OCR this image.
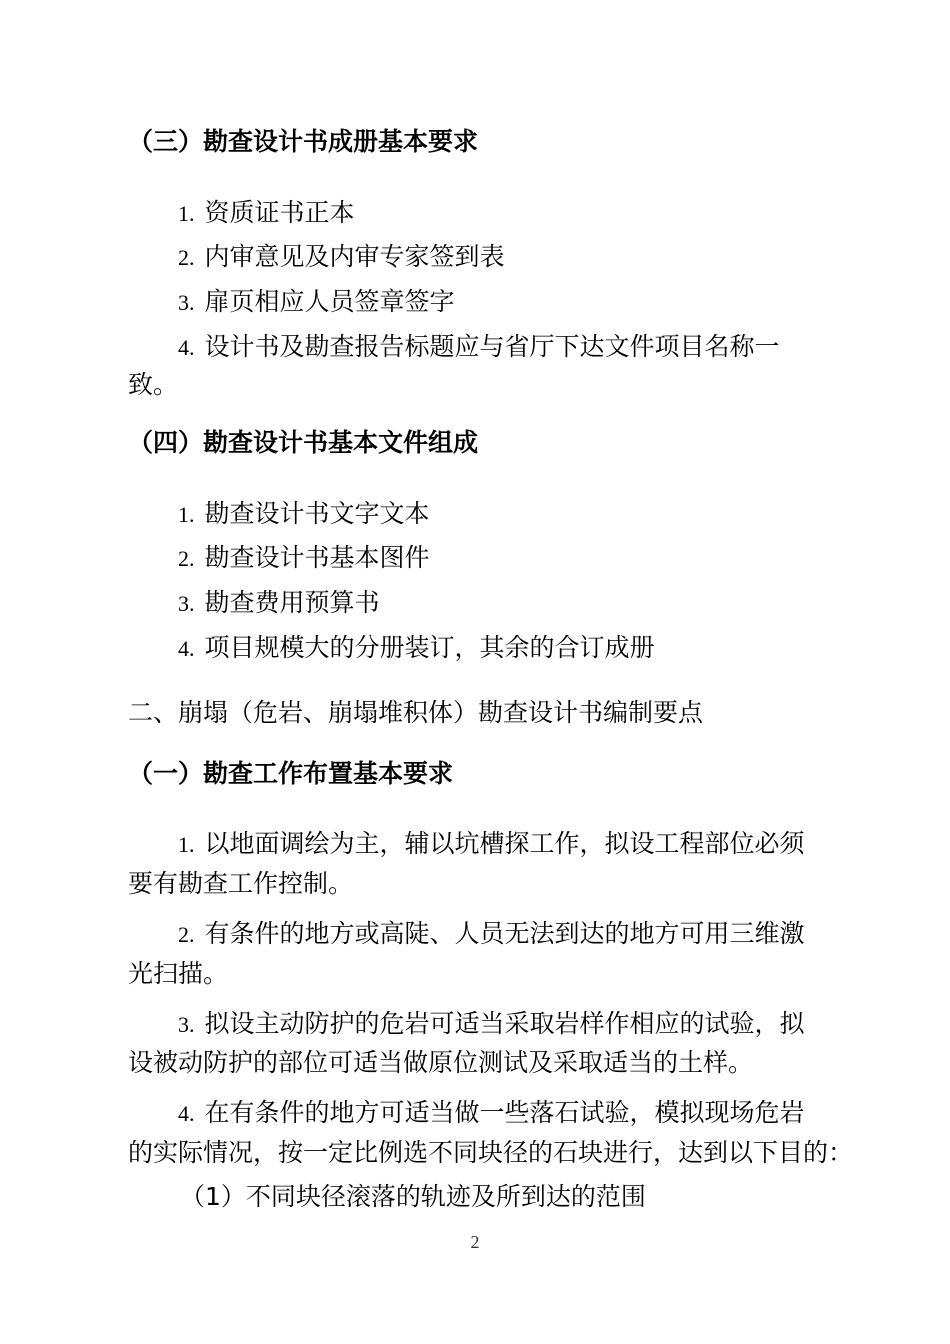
（三）勘查设计书成册基本要求
1. 资质证书正本
2. 内审意见及内审专家签到表
3. 扉页相应人员签章签字
4. 设计书及勘查报告标题应与省厅下达文件项目名称一
致。
（四）勘查设计书基本文件组成
1. 勘查设计书文字文本
2. 勘查设计书基本图件
3. 勘查费用预算书
4. 项目规模大的分册装订，其余的合订成册
二、崩塌（危岩、崩塌堆积体）勘查设计书编制要点
（一）勘查工作布置基本要求
1. 以地面调绘为主，辅以坑槽探工作，拟设工程部位必须
要有勘查工作控制。
2. 有条件的地方或高陡、人员无法到达的地方可用三维激
光扫描。
3. 拟设主动防护的危岩可适当采取岩样作相应的试验，拟
设被动防护的部位可适当做原位测试及采取适当的土样。
4. 在有条件的地方可适当做一些落石试验，模拟现场危岩
的实际情况，按一定比例选不同块径的石块进行，达到以下目的：
（1）不同块径滚落的轨迹及所到达的范围
2
